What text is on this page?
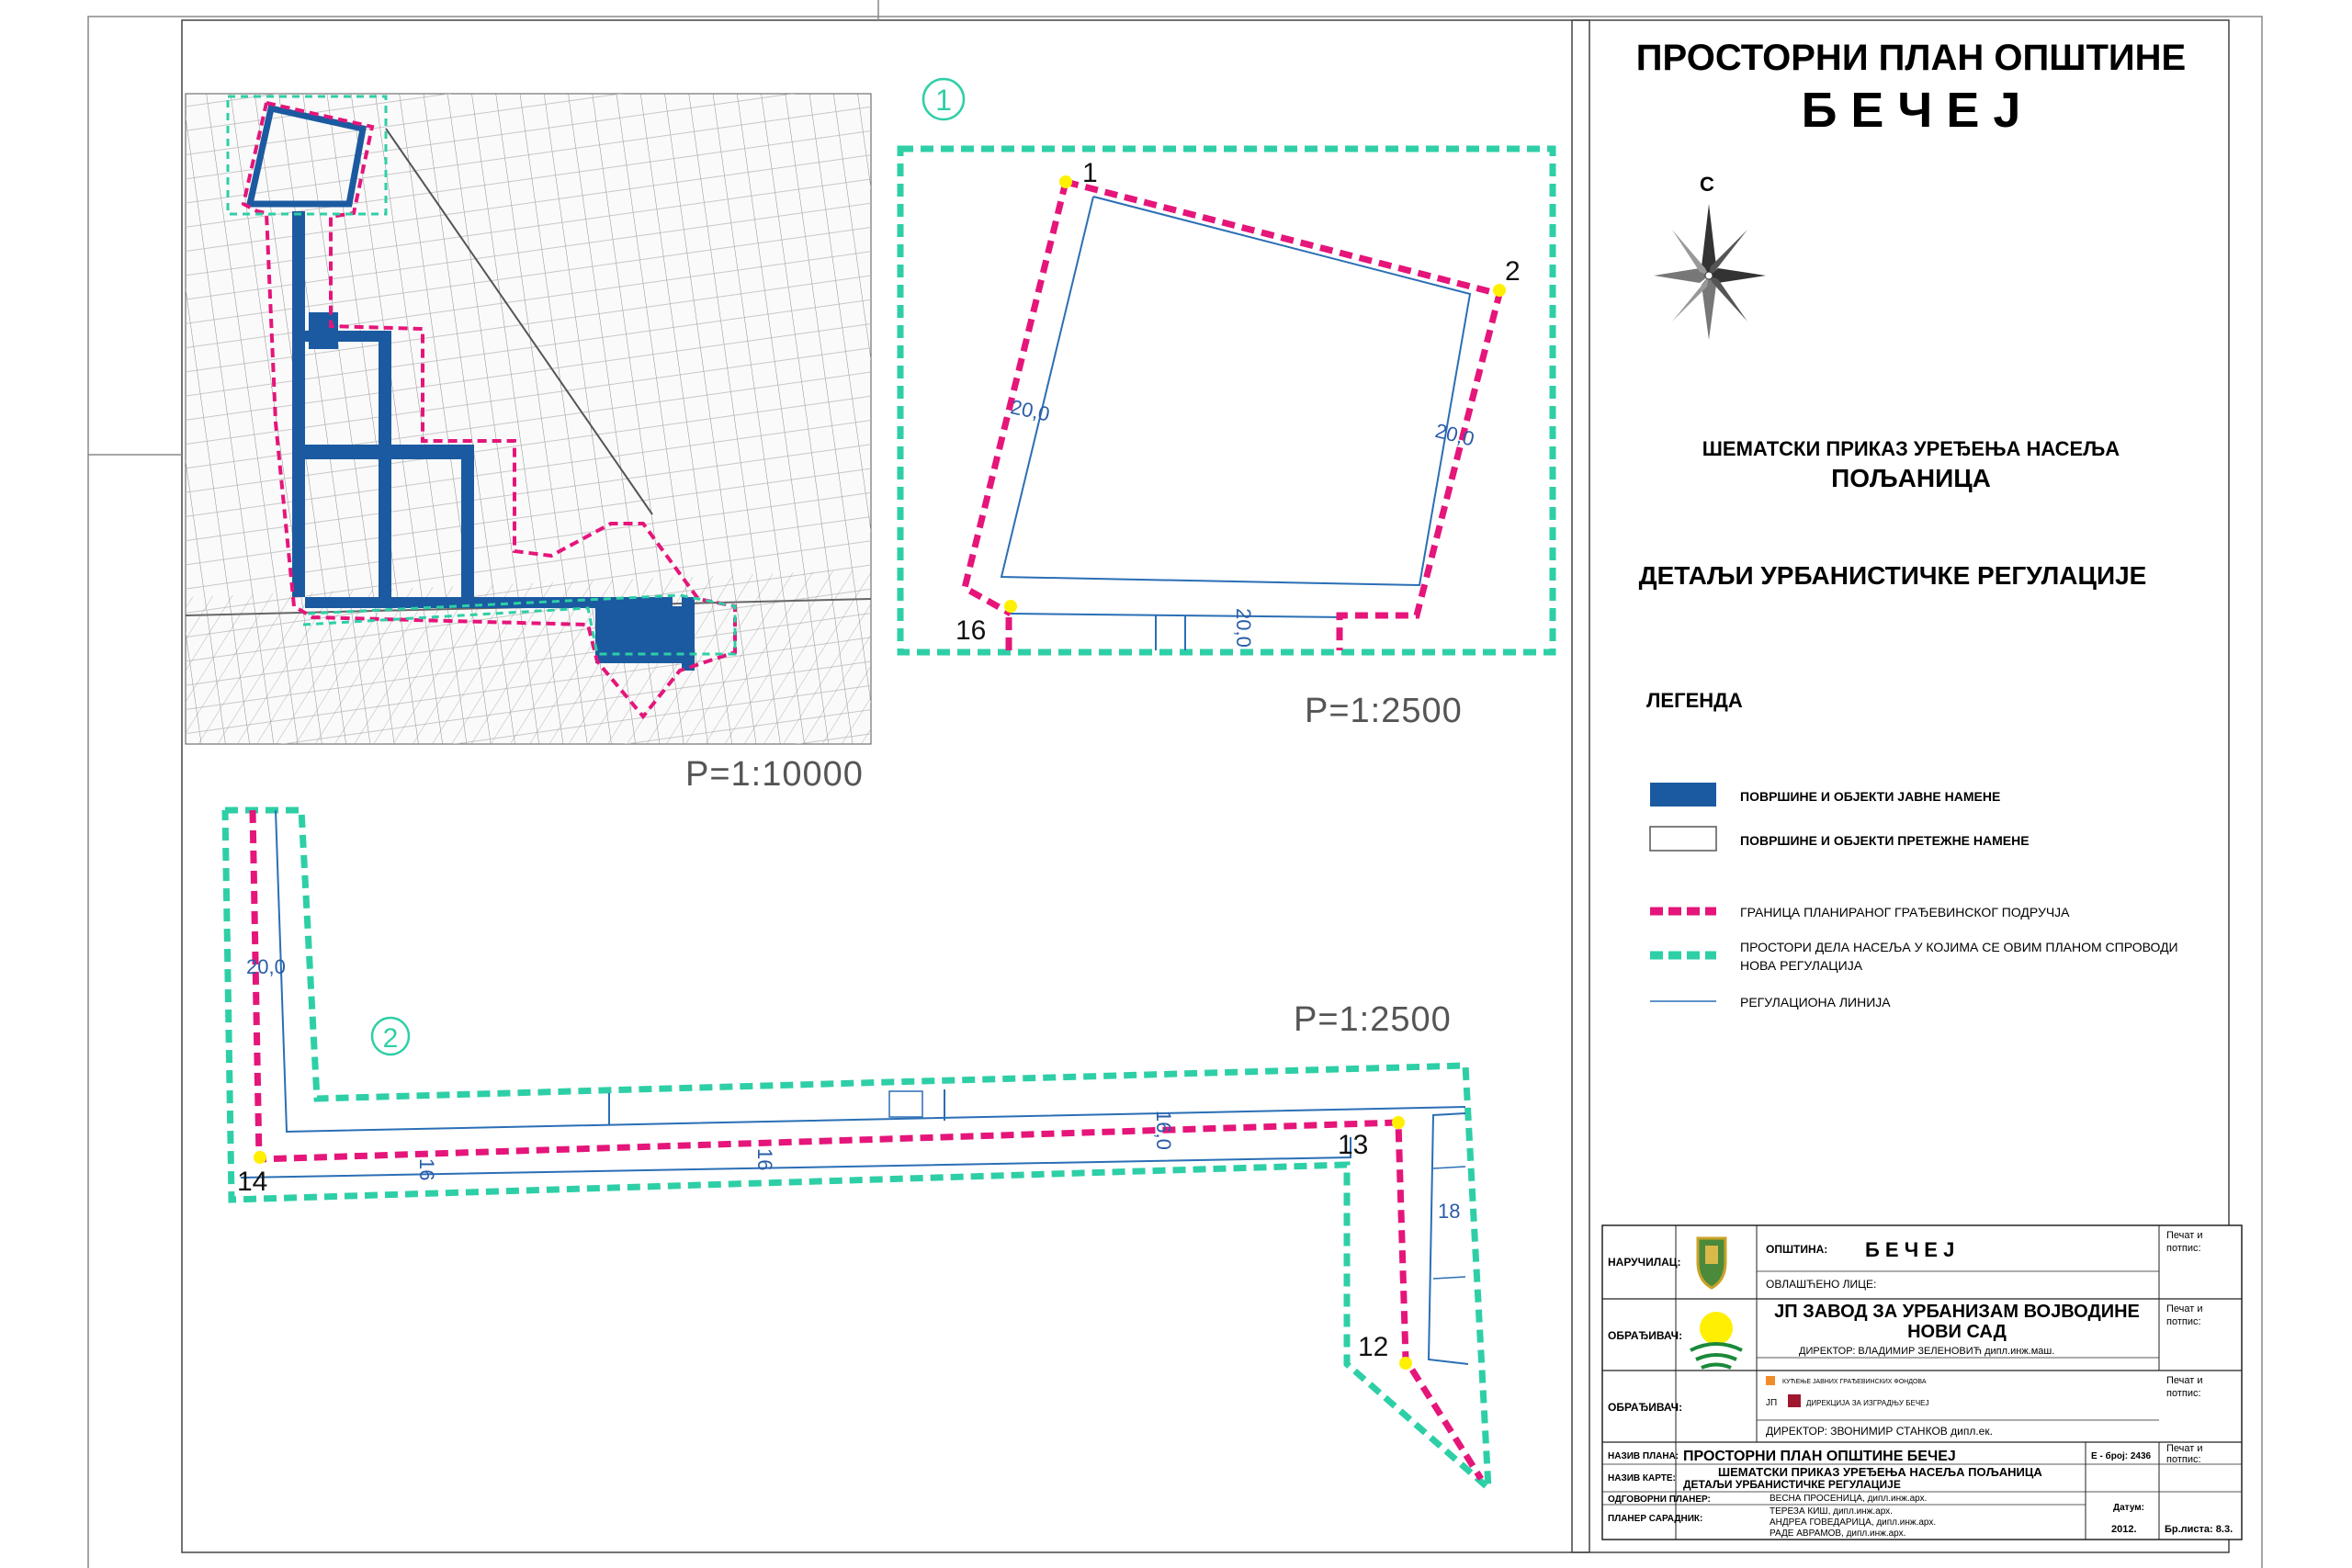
P=1:10000
1
1
2
16
20,0
20,0
20,0
P=1:2500
2
14
13
12
20,0
16	16
16,0
18
P=1:2500
ПРОСТОРНИ ПЛАН ОПШТИНЕ
Б Е Ч Е Ј
С
ШЕМАТСКИ ПРИКАЗ УРЕЂЕЊА НАСЕЉА
ПОЉАНИЦА
ДЕТАЉИ УРБАНИСТИЧКЕ РЕГУЛАЦИЈЕ
ЛЕГЕНДА
ПОВРШИНЕ И ОБЈЕКТИ ЈАВНЕ НАМЕНЕ
ПОВРШИНЕ И ОБЈЕКТИ ПРЕТЕЖНЕ НАМЕНЕ
ГРАНИЦА ПЛАНИРАНОГ ГРАЂЕВИНСКОГ ПОДРУЧЈА
ПРОСТОРИ ДЕЛА НАСЕЉА У КОЈИМА СЕ ОВИМ ПЛАНОМ СПРОВОДИ
НОВА РЕГУЛАЦИЈА
РЕГУЛАЦИОНА ЛИНИЈА
НАРУЧИЛАЦ:
ОПШТИНА: Б Е Ч Е Ј
ОВЛАШЋЕНО ЛИЦЕ:
Печат и
потпис:
ОБРАЂИВАЧ:
ЈП ЗАВОД ЗА УРБАНИЗАМ ВОЈВОДИНЕ
НОВИ САД
ДИРЕКТОР: ВЛАДИМИР ЗЕЛЕНОВИЋ дипл.инж.маш.
Печат и
потпис:
ОБРАЂИВАЧ:
КУЋЕЊЕ ЈАВНИХ ГРАЂЕВИНСКИХ ФОНДОВА
ЈП	ДИРЕКЦИЈА ЗА ИЗГРАДЊУ БЕЧЕЈ
ДИРЕКТОР: ЗВОНИМИР СТАНКОВ дипл.ек.
Печат и
потпис:
НАЗИВ ПЛАНА: ПРОСТОРНИ ПЛАН ОПШТИНЕ БЕЧЕЈ	Е - број: 2436
Печат и
потпис:
НАЗИВ КАРТЕ:	ШЕМАТСКИ ПРИКАЗ УРЕЂЕЊА НАСЕЉА ПОЉАНИЦА
ДЕТАЉИ УРБАНИСТИЧКЕ РЕГУЛАЦИЈЕ
ОДГОВОРНИ ПЛАНЕР:	ВЕСНА ПРОСЕНИЦА, дипл.инж.арх.
ПЛАНЕР САРАДНИК:
ТЕРЕЗА КИШ, дипл.инж.арх.
АНДРЕА ГОВЕДАРИЦА, дипл.инж.арх.
РАДЕ АВРАМОВ, дипл.инж.арх.
Датум:
2012.	Бр.листа: 8.3.
